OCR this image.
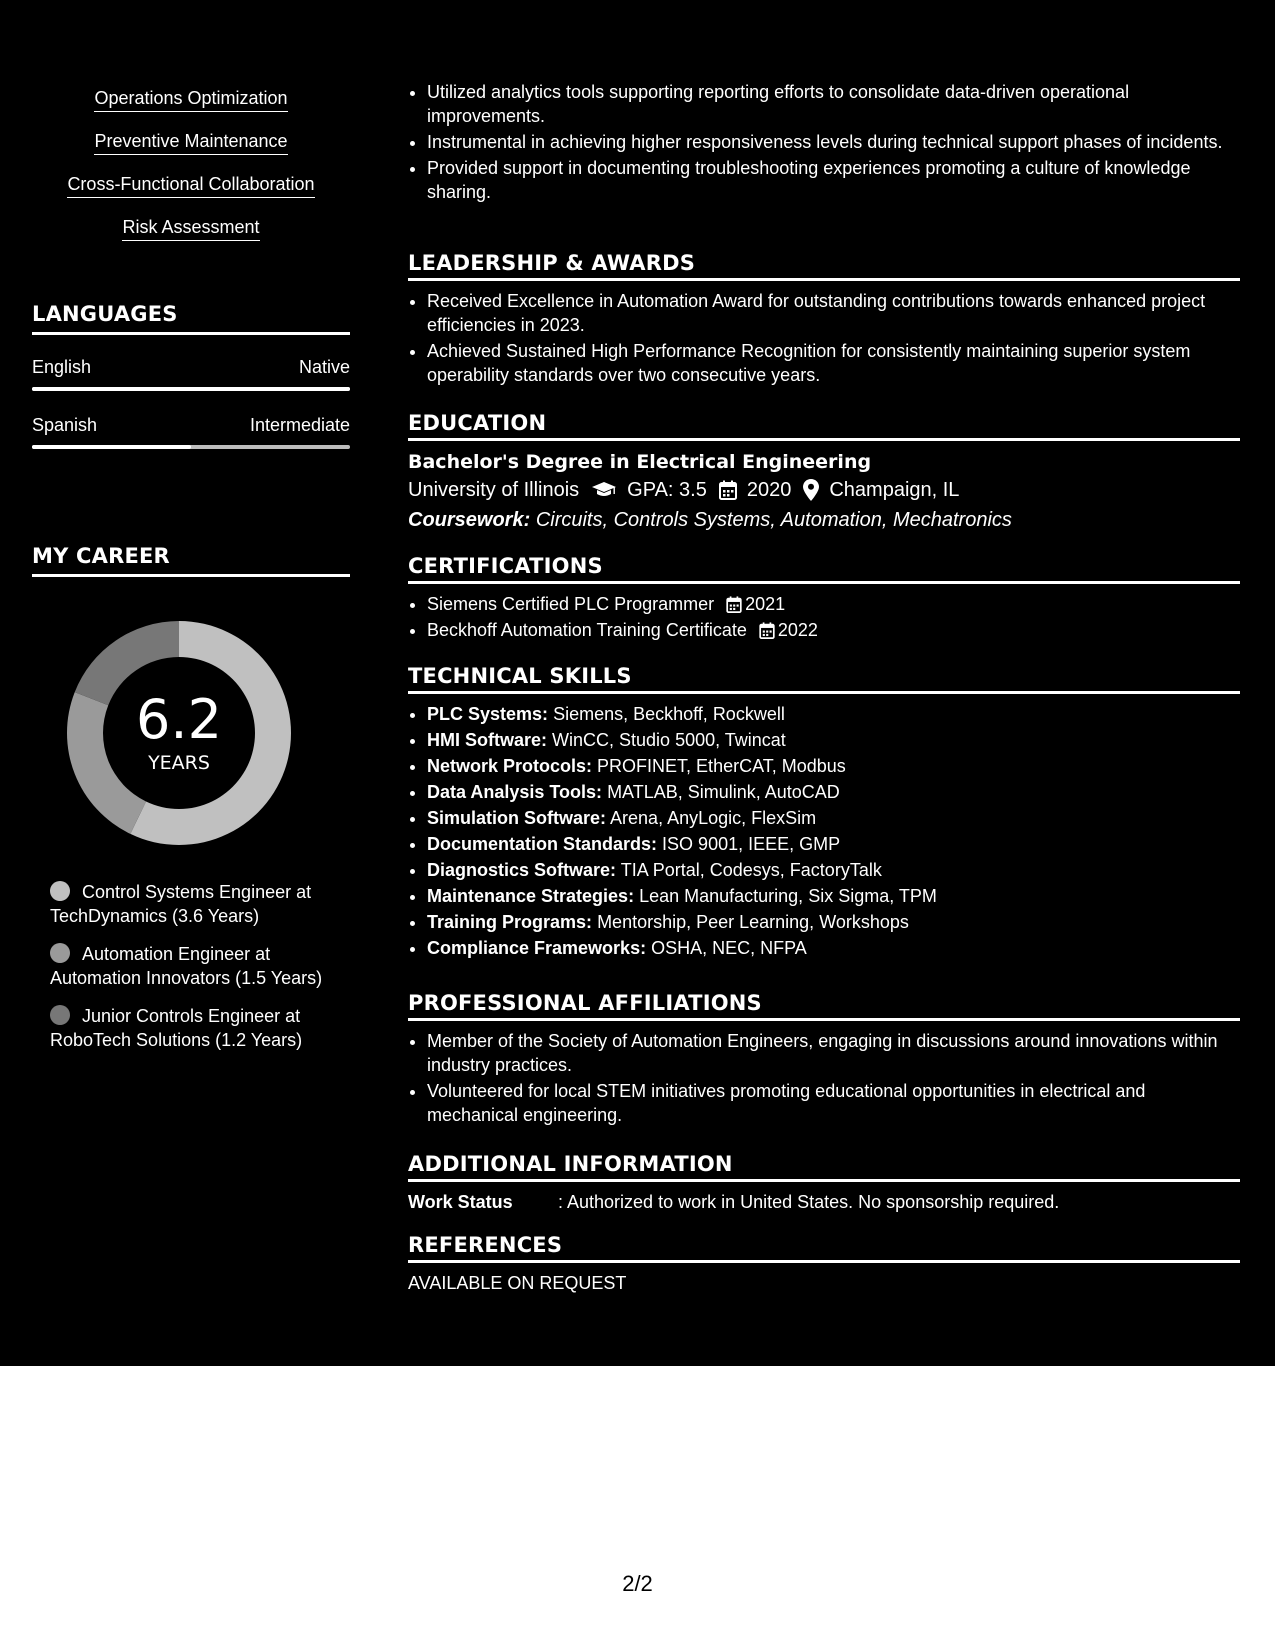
Operations Optimization
Preventive Maintenance
Cross-Functional Collaboration
Risk Assessment
LANGUAGES
English	Native
Spanish	Intermediate
MY CAREER
6.2
YEARS
Control Systems Engineer at TechDynamics (3.6 Years)
Automation Engineer at Automation Innovators (1.5 Years)
Junior Controls Engineer at RoboTech Solutions (1.2 Years)
• Utilized analytics tools supporting reporting efforts to consolidate data-driven operational improvements.
• Instrumental in achieving higher responsiveness levels during technical support phases of incidents.
• Provided support in documenting troubleshooting experiences promoting a culture of knowledge sharing.
LEADERSHIP & AWARDS
• Received Excellence in Automation Award for outstanding contributions towards enhanced project efficiencies in 2023.
• Achieved Sustained High Performance Recognition for consistently maintaining superior system operability standards over two consecutive years.
EDUCATION
Bachelor's Degree in Electrical Engineering
University of Illinois GPA: 3.5 2020 Champaign, IL
Coursework: Circuits, Controls Systems, Automation, Mechatronics
CERTIFICATIONS
• Siemens Certified PLC Programmer 2021
• Beckhoff Automation Training Certificate 2022
TECHNICAL SKILLS
• PLC Systems: Siemens, Beckhoff, Rockwell
• HMI Software: WinCC, Studio 5000, Twincat
• Network Protocols: PROFINET, EtherCAT, Modbus
• Data Analysis Tools: MATLAB, Simulink, AutoCAD
• Simulation Software: Arena, AnyLogic, FlexSim
• Documentation Standards: ISO 9001, IEEE, GMP
• Diagnostics Software: TIA Portal, Codesys, FactoryTalk
• Maintenance Strategies: Lean Manufacturing, Six Sigma, TPM
• Training Programs: Mentorship, Peer Learning, Workshops
• Compliance Frameworks: OSHA, NEC, NFPA
PROFESSIONAL AFFILIATIONS
• Member of the Society of Automation Engineers, engaging in discussions around innovations within industry practices.
• Volunteered for local STEM initiatives promoting educational opportunities in electrical and mechanical engineering.
ADDITIONAL INFORMATION
Work Status	: Authorized to work in United States. No sponsorship required.
REFERENCES
AVAILABLE ON REQUEST
2/2
